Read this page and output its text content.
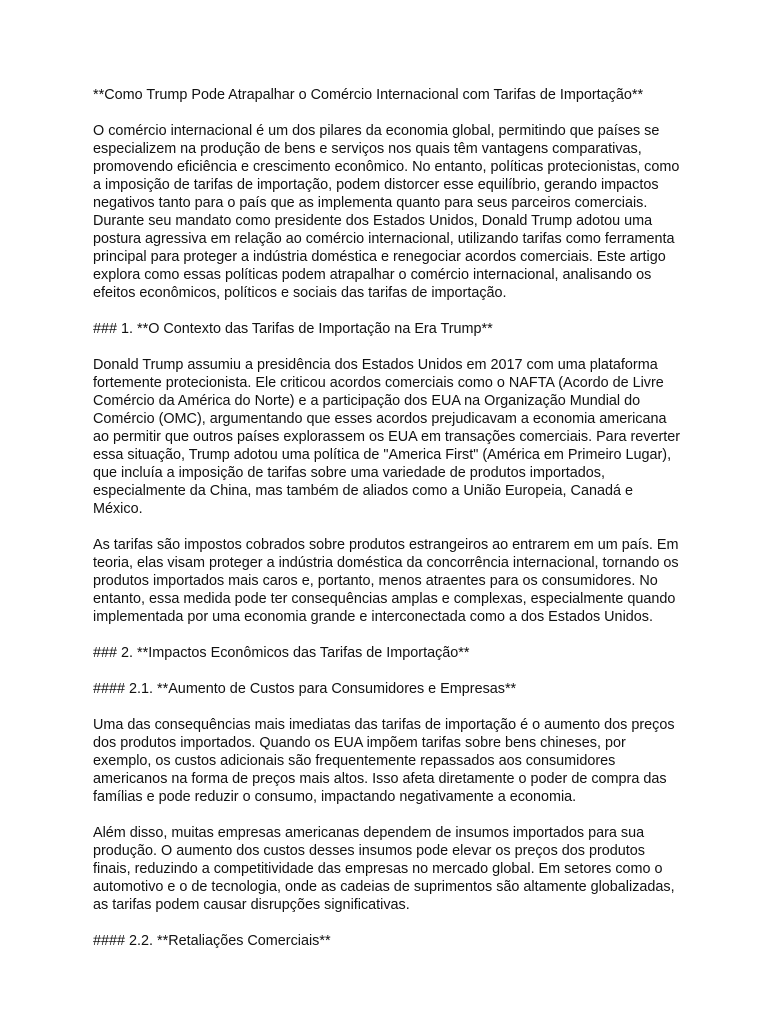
**Como Trump Pode Atrapalhar o Comércio Internacional com Tarifas de Importação**
O comércio internacional é um dos pilares da economia global, permitindo que países se
especializem na produção de bens e serviços nos quais têm vantagens comparativas,
promovendo eficiência e crescimento econômico. No entanto, políticas protecionistas, como
a imposição de tarifas de importação, podem distorcer esse equilíbrio, gerando impactos
negativos tanto para o país que as implementa quanto para seus parceiros comerciais.
Durante seu mandato como presidente dos Estados Unidos, Donald Trump adotou uma
postura agressiva em relação ao comércio internacional, utilizando tarifas como ferramenta
principal para proteger a indústria doméstica e renegociar acordos comerciais. Este artigo
explora como essas políticas podem atrapalhar o comércio internacional, analisando os
efeitos econômicos, políticos e sociais das tarifas de importação.
### 1. **O Contexto das Tarifas de Importação na Era Trump**
Donald Trump assumiu a presidência dos Estados Unidos em 2017 com uma plataforma
fortemente protecionista. Ele criticou acordos comerciais como o NAFTA (Acordo de Livre
Comércio da América do Norte) e a participação dos EUA na Organização Mundial do
Comércio (OMC), argumentando que esses acordos prejudicavam a economia americana
ao permitir que outros países explorassem os EUA em transações comerciais. Para reverter
essa situação, Trump adotou uma política de "America First" (América em Primeiro Lugar),
que incluía a imposição de tarifas sobre uma variedade de produtos importados,
especialmente da China, mas também de aliados como a União Europeia, Canadá e
México.
As tarifas são impostos cobrados sobre produtos estrangeiros ao entrarem em um país. Em
teoria, elas visam proteger a indústria doméstica da concorrência internacional, tornando os
produtos importados mais caros e, portanto, menos atraentes para os consumidores. No
entanto, essa medida pode ter consequências amplas e complexas, especialmente quando
implementada por uma economia grande e interconectada como a dos Estados Unidos.
### 2. **Impactos Econômicos das Tarifas de Importação**
#### 2.1. **Aumento de Custos para Consumidores e Empresas**
Uma das consequências mais imediatas das tarifas de importação é o aumento dos preços
dos produtos importados. Quando os EUA impõem tarifas sobre bens chineses, por
exemplo, os custos adicionais são frequentemente repassados aos consumidores
americanos na forma de preços mais altos. Isso afeta diretamente o poder de compra das
famílias e pode reduzir o consumo, impactando negativamente a economia.
Além disso, muitas empresas americanas dependem de insumos importados para sua
produção. O aumento dos custos desses insumos pode elevar os preços dos produtos
finais, reduzindo a competitividade das empresas no mercado global. Em setores como o
automotivo e o de tecnologia, onde as cadeias de suprimentos são altamente globalizadas,
as tarifas podem causar disrupções significativas.
#### 2.2. **Retaliações Comerciais**
